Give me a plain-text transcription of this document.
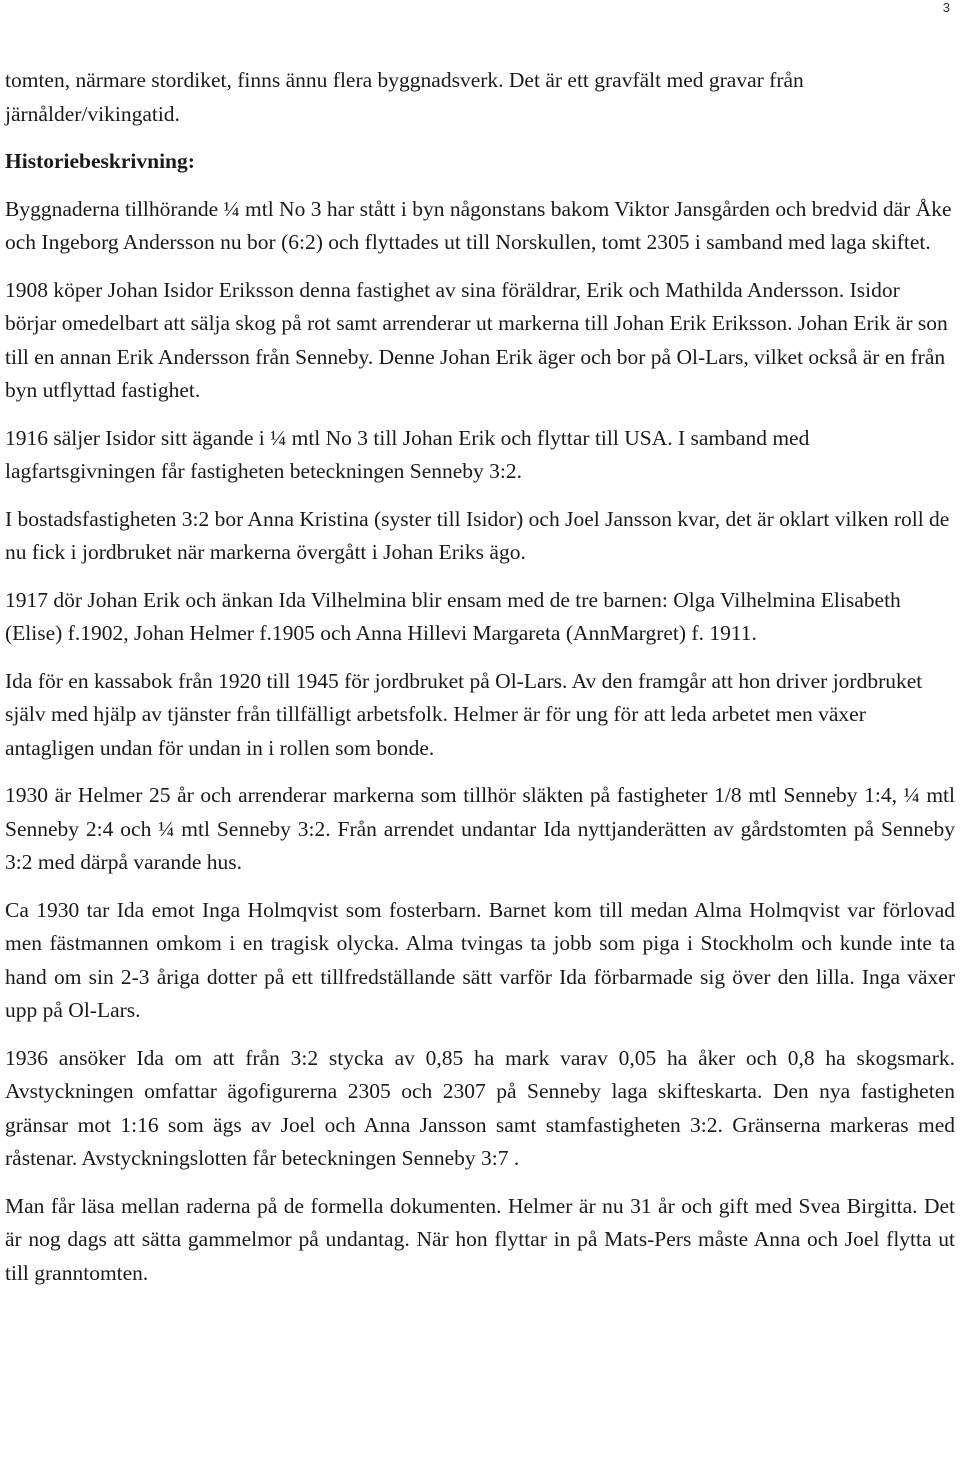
3

tomten, närmare stordiket, finns ännu flera byggnadsverk. Det är ett gravfält med gravar från järnålder/vikingatid.

Historiebeskrivning:

Byggnaderna tillhörande ¼ mtl No 3 har stått i byn någonstans bakom Viktor Jansgården och bredvid där Åke och Ingeborg Andersson nu bor (6:2) och flyttades ut till Norskullen, tomt 2305 i samband med laga skiftet.

1908 köper Johan Isidor Eriksson denna fastighet av sina föräldrar, Erik och Mathilda Andersson. Isidor börjar omedelbart att sälja skog på rot samt arrenderar ut markerna till Johan Erik Eriksson. Johan Erik är son till en annan Erik Andersson från Senneby. Denne Johan Erik äger och bor på Ol-Lars, vilket också är en från byn utflyttad fastighet.

1916 säljer Isidor sitt ägande i ¼ mtl No 3 till Johan Erik och flyttar till USA. I samband med lagfartsgivningen får fastigheten beteckningen Senneby 3:2.

I bostadsfastigheten 3:2 bor Anna Kristina (syster till Isidor) och Joel Jansson kvar, det är oklart vilken roll de nu fick i jordbruket när markerna övergått i Johan Eriks ägo.

1917 dör Johan Erik och änkan Ida Vilhelmina blir ensam med de tre barnen: Olga Vilhelmina Elisabeth (Elise) f.1902, Johan Helmer f.1905 och Anna Hillevi Margareta (AnnMargret) f. 1911.

Ida för en kassabok från 1920 till 1945 för jordbruket på Ol-Lars. Av den framgår att hon driver jordbruket själv med hjälp av tjänster från tillfälligt arbetsfolk. Helmer är för ung för att leda arbetet men växer antagligen undan för undan in i rollen som bonde.

1930 är Helmer 25 år och arrenderar markerna som tillhör släkten på fastigheter 1/8 mtl Senneby 1:4, ¼ mtl Senneby 2:4 och ¼ mtl Senneby 3:2. Från arrendet undantar Ida nyttjanderätten av gårdstomten på Senneby 3:2 med därpå varande hus.

Ca 1930 tar Ida emot Inga Holmqvist som fosterbarn. Barnet kom till medan Alma Holmqvist var förlovad men fästmannen omkom i en tragisk olycka. Alma tvingas ta jobb som piga i Stockholm och kunde inte ta hand om sin 2-3 åriga dotter på ett tillfredställande sätt varför Ida förbarmade sig över den lilla. Inga växer upp på Ol-Lars.

1936 ansöker Ida om att från 3:2 stycka av 0,85 ha mark varav 0,05 ha åker och 0,8 ha skogsmark. Avstyckningen omfattar ägofigurerna 2305 och 2307 på Senneby laga skifteskarta. Den nya fastigheten gränsar mot 1:16 som ägs av Joel och Anna Jansson samt stamfastigheten 3:2. Gränserna markeras med råstenar. Avstyckningslotten får beteckningen Senneby 3:7 .

Man får läsa mellan raderna på de formella dokumenten. Helmer är nu 31 år och gift med Svea Birgitta. Det är nog dags att sätta gammelmor på undantag. När hon flyttar in på Mats-Pers måste Anna och Joel flytta ut till granntomten.
